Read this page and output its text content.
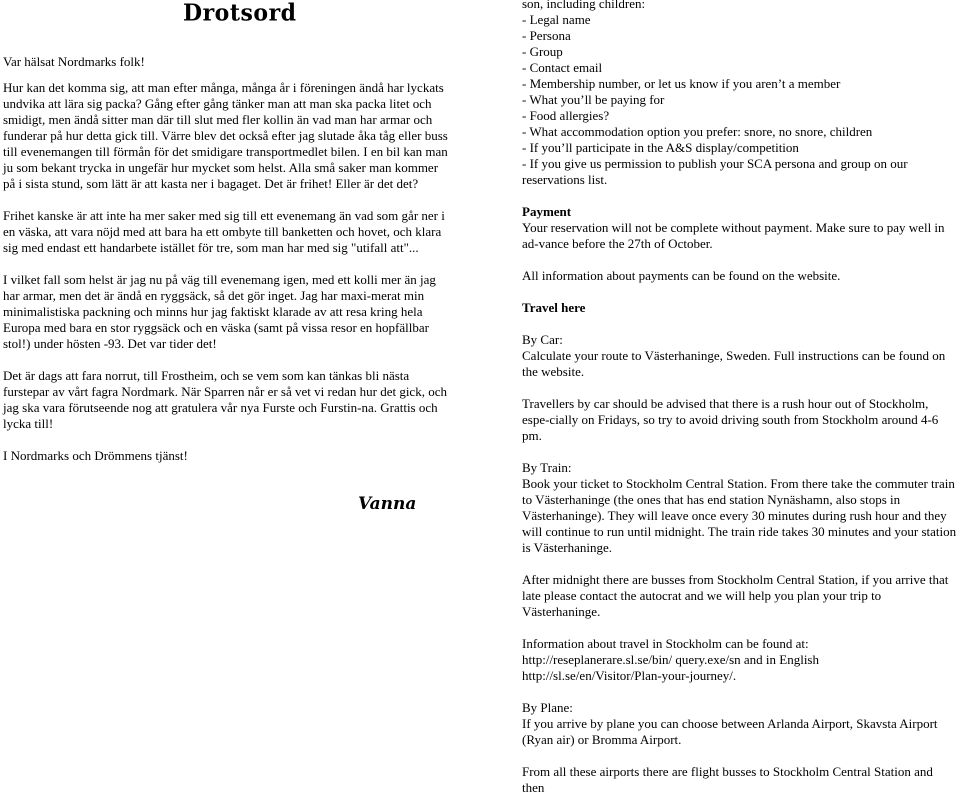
Drotsord
Var hälsat Nordmarks folk!

Hur kan det komma sig, att man efter många, många år i föreningen ändå har lyckats undvika att lära sig packa? Gång efter gång tänker man att man ska packa litet och smidigt, men ändå sitter man där till slut med fler kollin än vad man har armar och funderar på hur detta gick till. Värre blev det också efter jag slutade åka tåg eller buss till evenemangen till förmån för det smidigare transportmedlet bilen. I en bil kan man ju som bekant trycka in ungefär hur mycket som helst. Alla små saker man kommer på i sista stund, som lätt är att kasta ner i bagaget. Det är frihet! Eller är det det?

Frihet kanske är att inte ha mer saker med sig till ett evenemang än vad som går ner i en väska, att vara nöjd med att bara ha ett ombyte till banketten och hovet, och klara sig med endast ett handarbete istället för tre, som man har med sig "utifall att"...

I vilket fall som helst är jag nu på väg till evenemang igen, med ett kolli mer än jag har armar, men det är ändå en ryggsäck, så det gör inget. Jag har maxi-merat min minimalistiska packning och minns hur jag faktiskt klarade av att resa kring hela Europa med bara en stor ryggsäck och en väska (samt på vissa resor en hopfällbar stol!) under hösten -93. Det var tider det!

Det är dags att fara norrut, till Frostheim, och se vem som kan tänkas bli nästa furstepar av vårt fagra Nordmark. När Sparren når er så vet vi redan hur det gick, och jag ska vara förutseende nog att gratulera vår nya Furste och Furstin-na. Grattis och lycka till!

I Nordmarks och Drömmens tjänst!

Vanna

son, including children:

- Legal name
- Persona
- Group
- Contact email
- Membership number, or let us know if you aren’t a member
- What you’ll be paying for
- Food allergies?
- What accommodation option you prefer: snore, no snore, children
- If you’ll participate in the A&S display/competition
- If you give us permission to publish your SCA persona and group on our reservations list.

Payment

Your reservation will not be complete without payment. Make sure to pay well in ad-vance before the 27th of October.

All information about payments can be found on the website.

Travel here

By Car:

Calculate your route to Västerhaninge, Sweden. Full instructions can be found on the website.

Travellers by car should be advised that there is a rush hour out of Stockholm, espe-cially on Fridays, so try to avoid driving south from Stockholm around 4-6 pm.

By Train:

Book your ticket to Stockholm Central Station. From there take the commuter train to Västerhaninge (the ones that has end station Nynäshamn, also stops in Västerhaninge). They will leave once every 30 minutes during rush hour and they will continue to run until midnight. The train ride takes 30 minutes and your station is Västerhaninge.

After midnight there are busses from Stockholm Central Station, if you arrive that late please contact the autocrat and we will help you plan your trip to Västerhaninge.

Information about travel in Stockholm can be found at: http://reseplanerare.sl.se/bin/ query.exe/sn and in English http://sl.se/en/Visitor/Plan-your-journey/.

By Plane:

If you arrive by plane you can choose between Arlanda Airport, Skavsta Airport (Ryan air) or Bromma Airport.

From all these airports there are flight busses to Stockholm Central Station and then
